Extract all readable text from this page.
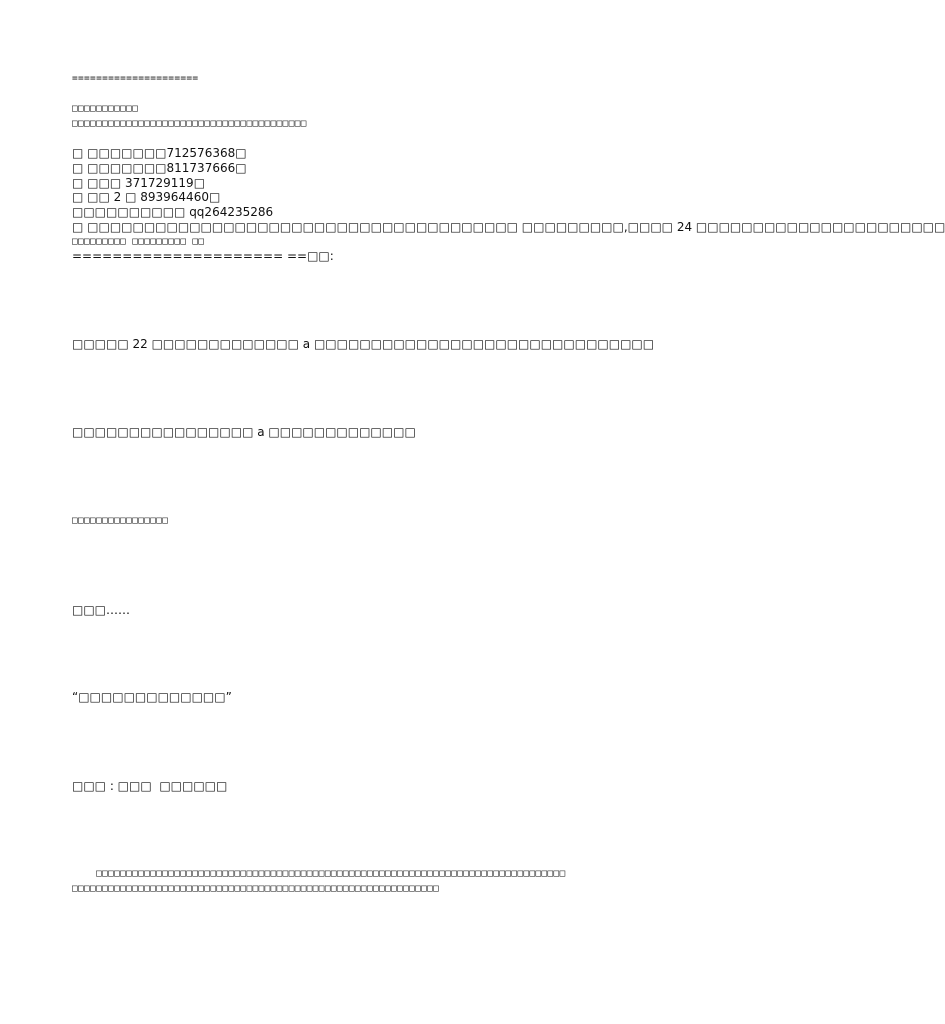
=====================
□□□□□□□□□□□
□□□□□□□□□□□□□□□□□□□□□□□□□□□□□□□□□□□□□□□
□ □□□□□□□712576368□
□ □□□□□□□811737666□
□ □□□ 371729119□
□ □□ 2 □ 893964460□
□□□□□□□□□□ qq264235286
□ □□□□□□□□□□□□□□□□□□□□□□□□□□□□□□□□□□□□□□ □□□□□□□□□,□□□□ 24 □□□□□□□□□□□□□□□□□□□□□□
□□□□□□□□□ □□□□□□□□□ □□
===================== ==□□:
□□□□□ 22 □□□□□□□□□□□□□ a □□□□□□□□□□□□□□□□□□□□□□□□□□□□□□
□□□□□□□□□□□□□□□□ a □□□□□□□□□□□□□
□□□□□□□□□□□□□□□□
□□□……
“□□□□□□□□□□□□□”
□□□ : □□□  □□□□□□
□□□□□□□□□□□□□□□□□□□□□□□□□□□□□□□□□□□□□□□□□□□□□□□□□□□□□□□□□□□□□□□□□□□□□□□□□□□□□□
□□□□□□□□□□□□□□□□□□□□□□□□□□□□□□□□□□□□□□□□□□□□□□□□□□□□□□□□□□□□□
